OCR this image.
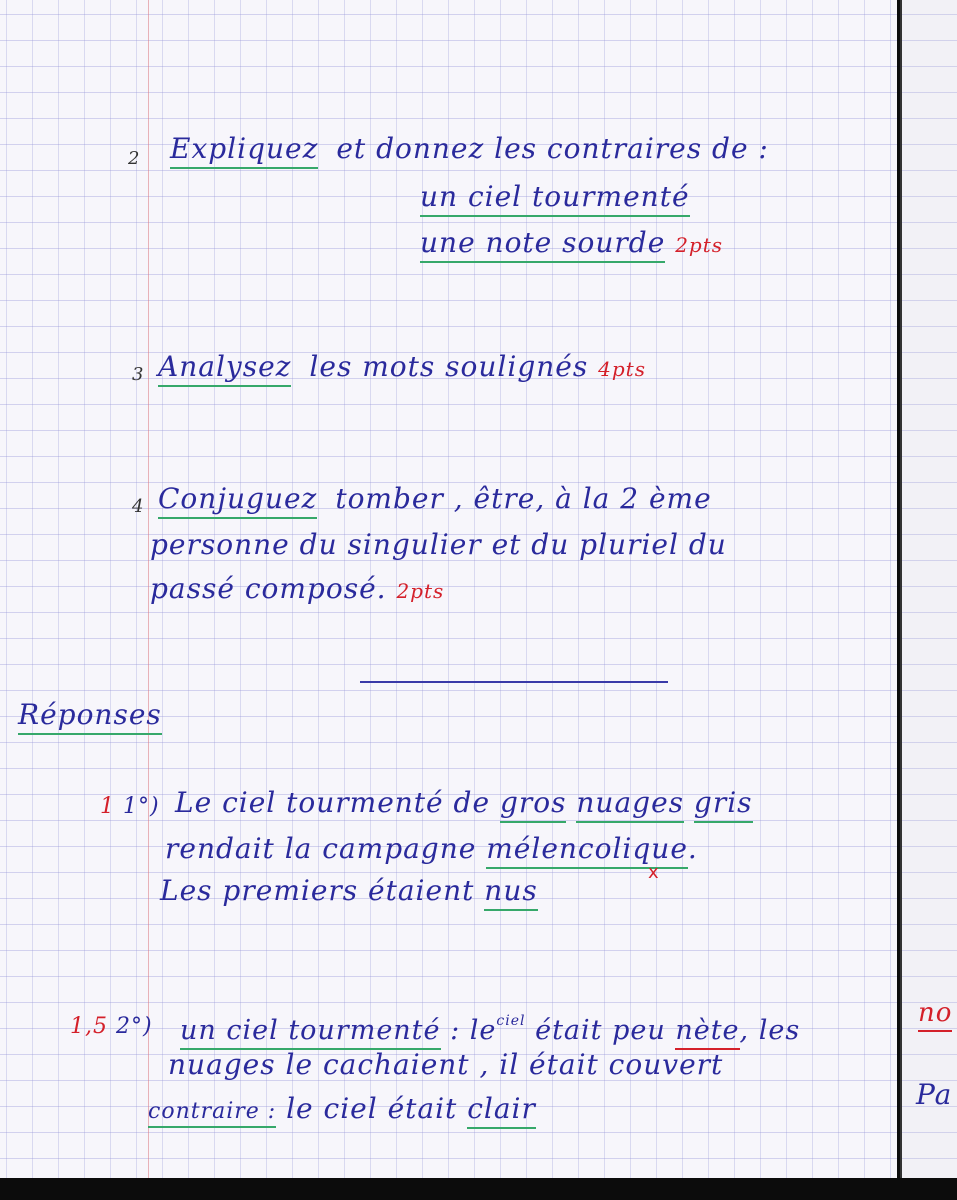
2 Expliquez et donnez les contraires de :

un ciel tourmenté

une note sourde 2pts

3 Analysez les mots soulignés 4pts

4 Conjuguez tomber , être, à la 2 ème

personne du singulier et du pluriel du

passé composé. 2pts

Réponses

1 1°) Le ciel tourmenté de gros nuages gris

rendait la campagne mélencolique.

x

Les premiers étaient nus

1,5 2°) un ciel tourmenté : $le^{ciel}$ était peu nète, les

nuages le cachaient , il était couvert

contraire : le ciel était clair

no

Pa
